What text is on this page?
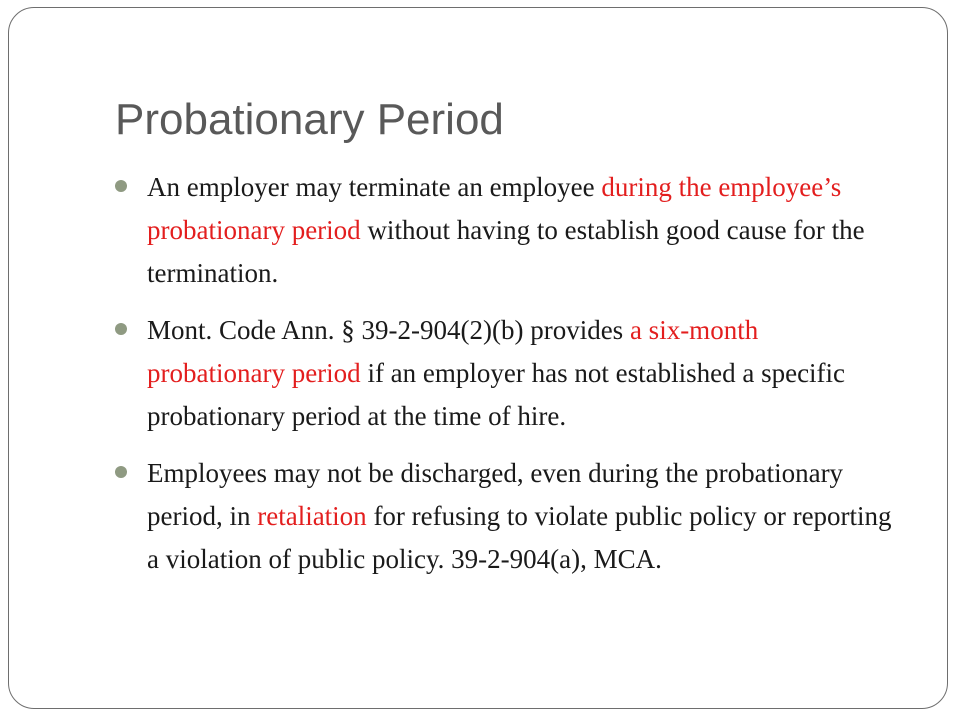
Probationary Period
An employer may terminate an employee during the employee’s probationary period without having to establish good cause for the termination.
Mont. Code Ann. § 39-2-904(2)(b) provides a six-month probationary period if an employer has not established a specific probationary period at the time of hire.
Employees may not be discharged, even during the probationary period, in retaliation for refusing to violate public policy or reporting a violation of public policy. 39-2-904(a), MCA.
